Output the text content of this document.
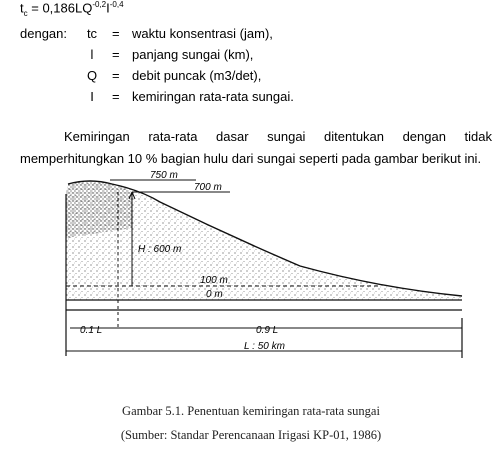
$t_c = 0,186LQ^{-0,2}I^{-0,4}$
dengan:	tc	= waktu konsentrasi (jam),
l	= panjang sungai (km),
Q	= debit puncak (m3/det),
I	= kemiringan rata-rata sungai.

Kemiringan rata-rata dasar sungai ditentukan dengan tidak memperhitungkan 10 % bagian hulu dari sungai seperti pada gambar berikut ini.

750 m
700 m
H : 600 m
100 m
0 m
0.1 L	0.9 L
L : 50 km
Gambar 5.1. Penentuan kemiringan rata-rata sungai
(Sumber: Standar Perencanaan Irigasi KP-01, 1986)
